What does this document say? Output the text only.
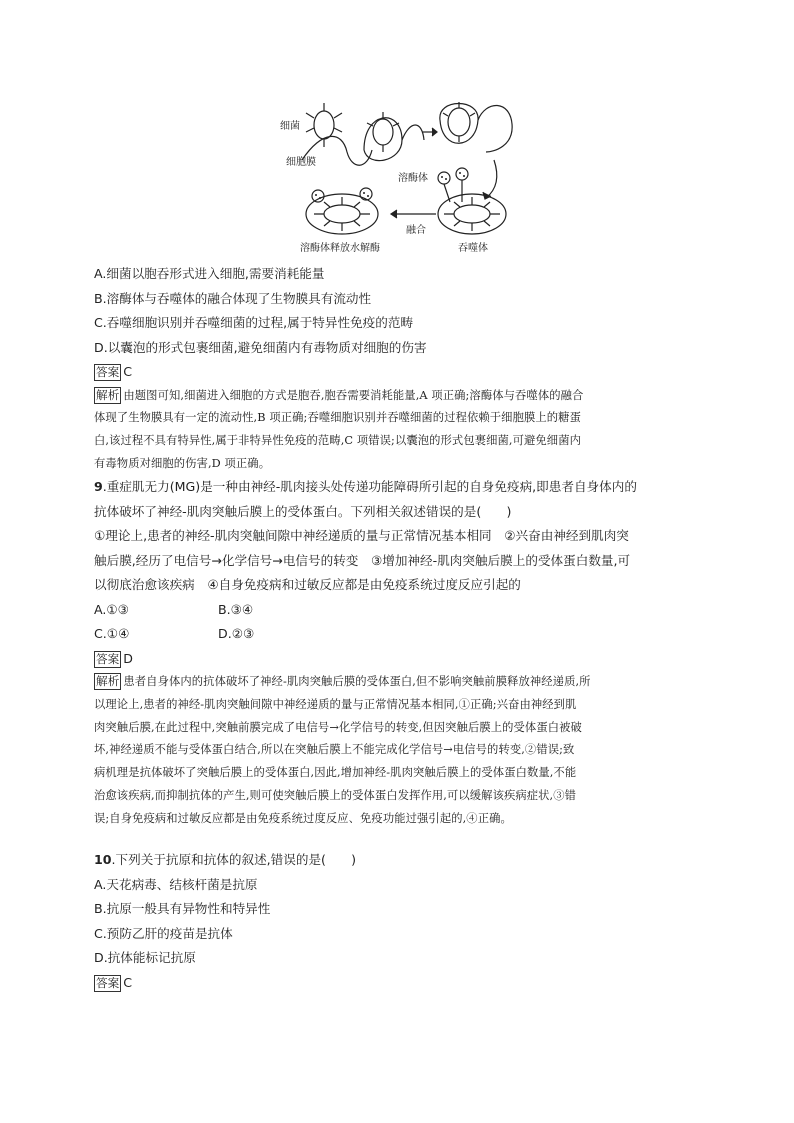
细菌
细胞膜
溶酶体
融合
吞噬体
溶酶体释放水解酶
A.细菌以胞吞形式进入细胞,需要消耗能量
B.溶酶体与吞噬体的融合体现了生物膜具有流动性
C.吞噬细胞识别并吞噬细菌的过程,属于特异性免疫的范畴
D.以囊泡的形式包裹细菌,避免细菌内有毒物质对细胞的伤害
答案 C
解析 由题图可知,细菌进入细胞的方式是胞吞,胞吞需要消耗能量,A 项正确;溶酶体与吞噬体的融合
体现了生物膜具有一定的流动性,B 项正确;吞噬细胞识别并吞噬细菌的过程依赖于细胞膜上的糖蛋
白,该过程不具有特异性,属于非特异性免疫的范畴,C 项错误;以囊泡的形式包裹细菌,可避免细菌内
有毒物质对细胞的伤害,D 项正确。
9.重症肌无力(MG)是一种由神经-肌肉接头处传递功能障碍所引起的自身免疫病,即患者自身体内的
抗体破坏了神经-肌肉突触后膜上的受体蛋白。下列相关叙述错误的是(　　)
①理论上,患者的神经-肌肉突触间隙中神经递质的量与正常情况基本相同　②兴奋由神经到肌肉突
触后膜,经历了电信号→化学信号→电信号的转变　③增加神经-肌肉突触后膜上的受体蛋白数量,可
以彻底治愈该疾病　④自身免疫病和过敏反应都是由免疫系统过度反应引起的
A.①③	B.③④
C.①④	D.②③
答案 D
解析 患者自身体内的抗体破坏了神经-肌肉突触后膜的受体蛋白,但不影响突触前膜释放神经递质,所
以理论上,患者的神经-肌肉突触间隙中神经递质的量与正常情况基本相同,①正确;兴奋由神经到肌
肉突触后膜,在此过程中,突触前膜完成了电信号→化学信号的转变,但因突触后膜上的受体蛋白被破
坏,神经递质不能与受体蛋白结合,所以在突触后膜上不能完成化学信号→电信号的转变,②错误;致
病机理是抗体破坏了突触后膜上的受体蛋白,因此,增加神经-肌肉突触后膜上的受体蛋白数量,不能
治愈该疾病,而抑制抗体的产生,则可使突触后膜上的受体蛋白发挥作用,可以缓解该疾病症状,③错
误;自身免疫病和过敏反应都是由免疫系统过度反应、免疫功能过强引起的,④正确。
10.下列关于抗原和抗体的叙述,错误的是(　　)
A.天花病毒、结核杆菌是抗原
B.抗原一般具有异物性和特异性
C.预防乙肝的疫苗是抗体
D.抗体能标记抗原
答案 C
